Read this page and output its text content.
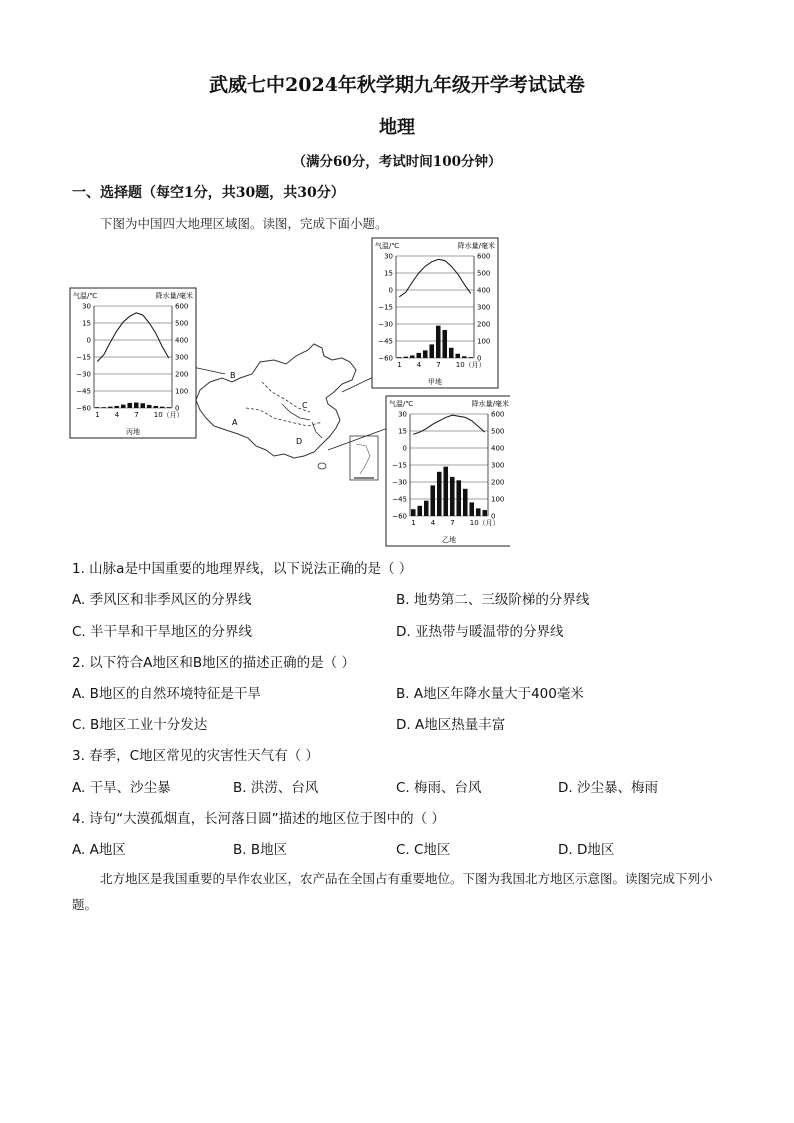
武威七中2024年秋学期九年级开学考试试卷
地理
（满分60分，考试时间100分钟）
一、选择题（每空1分，共30题，共30分）
下图为中国四大地理区域图。读图，完成下面小题。
B
A
C
D
气温/℃	降水量/毫米
30
15
0
−15
−30
−45
−60
600
500
400
300
200
100
0
1 4 7 10（月）
丙地
气温/℃	降水量/毫米
30
15
0
−15
−30
−45
−60
600
500
400
300
200
100
0
1 4 7 10（月）
甲地
气温/℃	降水量/毫米
30
15
0
−15
−30
−45
−60
600
500
400
300
200
100
0
1 4 7 10（月）
乙地
1. 山脉a是中国重要的地理界线，以下说法正确的是（ ）
A. 季风区和非季风区的分界线	B. 地势第二、三级阶梯的分界线
C. 半干旱和干旱地区的分界线	D. 亚热带与暖温带的分界线
2. 以下符合A地区和B地区的描述正确的是（ ）
A. B地区的自然环境特征是干旱	B. A地区年降水量大于400毫米
C. B地区工业十分发达	D. A地区热量丰富
3. 春季，C地区常见的灾害性天气有（ ）
A. 干旱、沙尘暴	B. 洪涝、台风	C. 梅雨、台风	D. 沙尘暴、梅雨
4. 诗句“大漠孤烟直，长河落日圆”描述的地区位于图中的（ ）
A. A地区	B. B地区	C. C地区	D. D地区
北方地区是我国重要的旱作农业区，农产品在全国占有重要地位。下图为我国北方地区示意图。读图完成下列小题。
